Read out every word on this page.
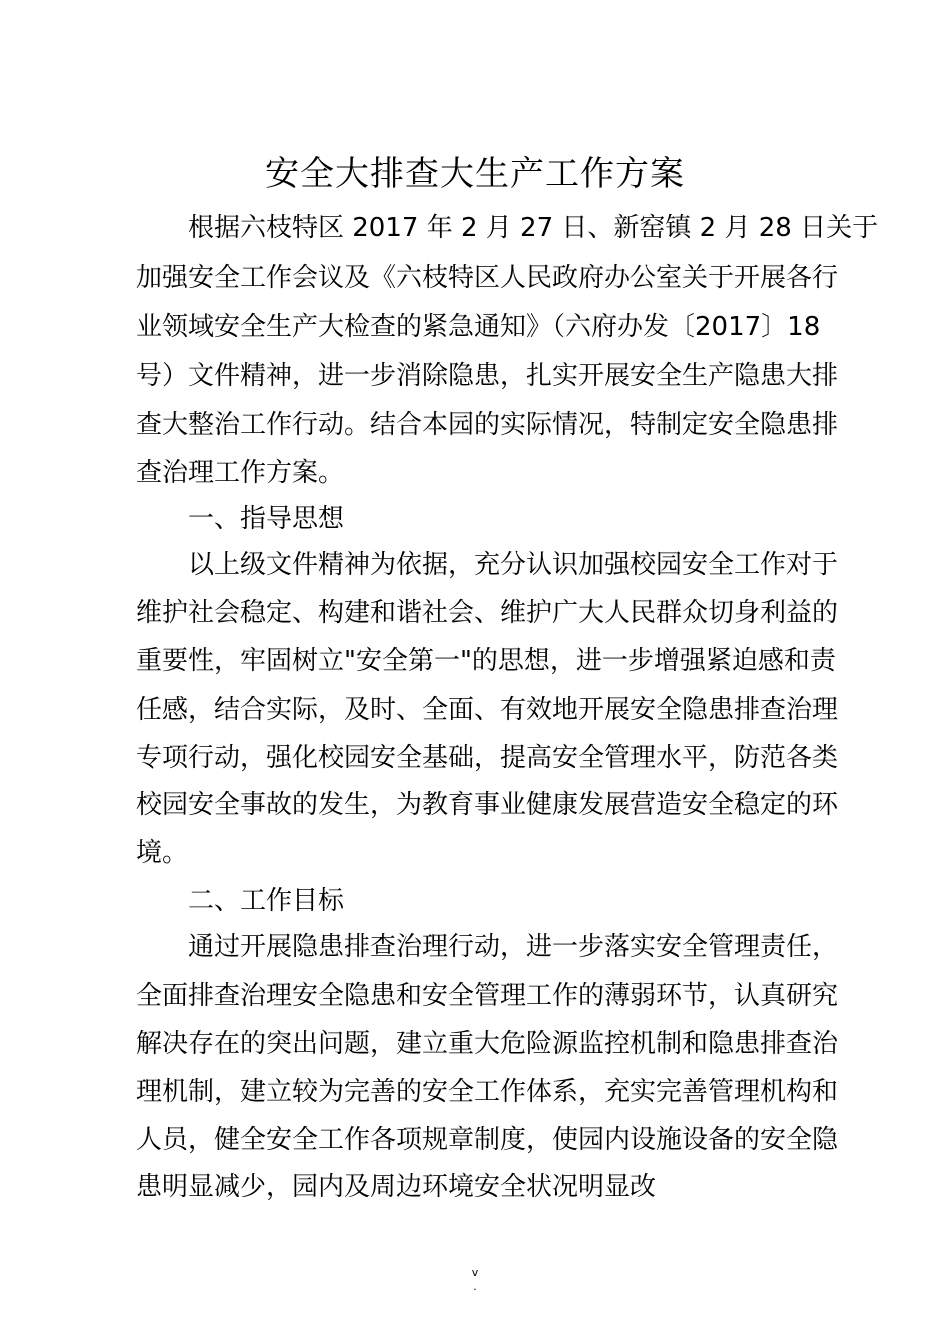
安全大排查大生产工作方案

根据六枝特区 2017 年 2 月 27 日、新窑镇 2 月 28 日关于

加强安全工作会议及《六枝特区人民政府办公室关于开展各行

业领域安全生产大检查的紧急通知》（六府办发〔2017〕18

号）文件精神，进一步消除隐患，扎实开展安全生产隐患大排

查大整治工作行动。结合本园的实际情况，特制定安全隐患排

查治理工作方案。

一、指导思想

以上级文件精神为依据，充分认识加强校园安全工作对于

维护社会稳定、构建和谐社会、维护广大人民群众切身利益的

重要性，牢固树立"安全第一"的思想，进一步增强紧迫感和责

任感，结合实际，及时、全面、有效地开展安全隐患排查治理

专项行动，强化校园安全基础，提高安全管理水平，防范各类

校园安全事故的发生，为教育事业健康发展营造安全稳定的环

境。

二、工作目标

通过开展隐患排查治理行动，进一步落实安全管理责任，

全面排查治理安全隐患和安全管理工作的薄弱环节，认真研究

解决存在的突出问题，建立重大危险源监控机制和隐患排查治

理机制，建立较为完善的安全工作体系，充实完善管理机构和

人员，健全安全工作各项规章制度，使园内设施设备的安全隐

患明显减少，园内及周边环境安全状况明显改

v
.
